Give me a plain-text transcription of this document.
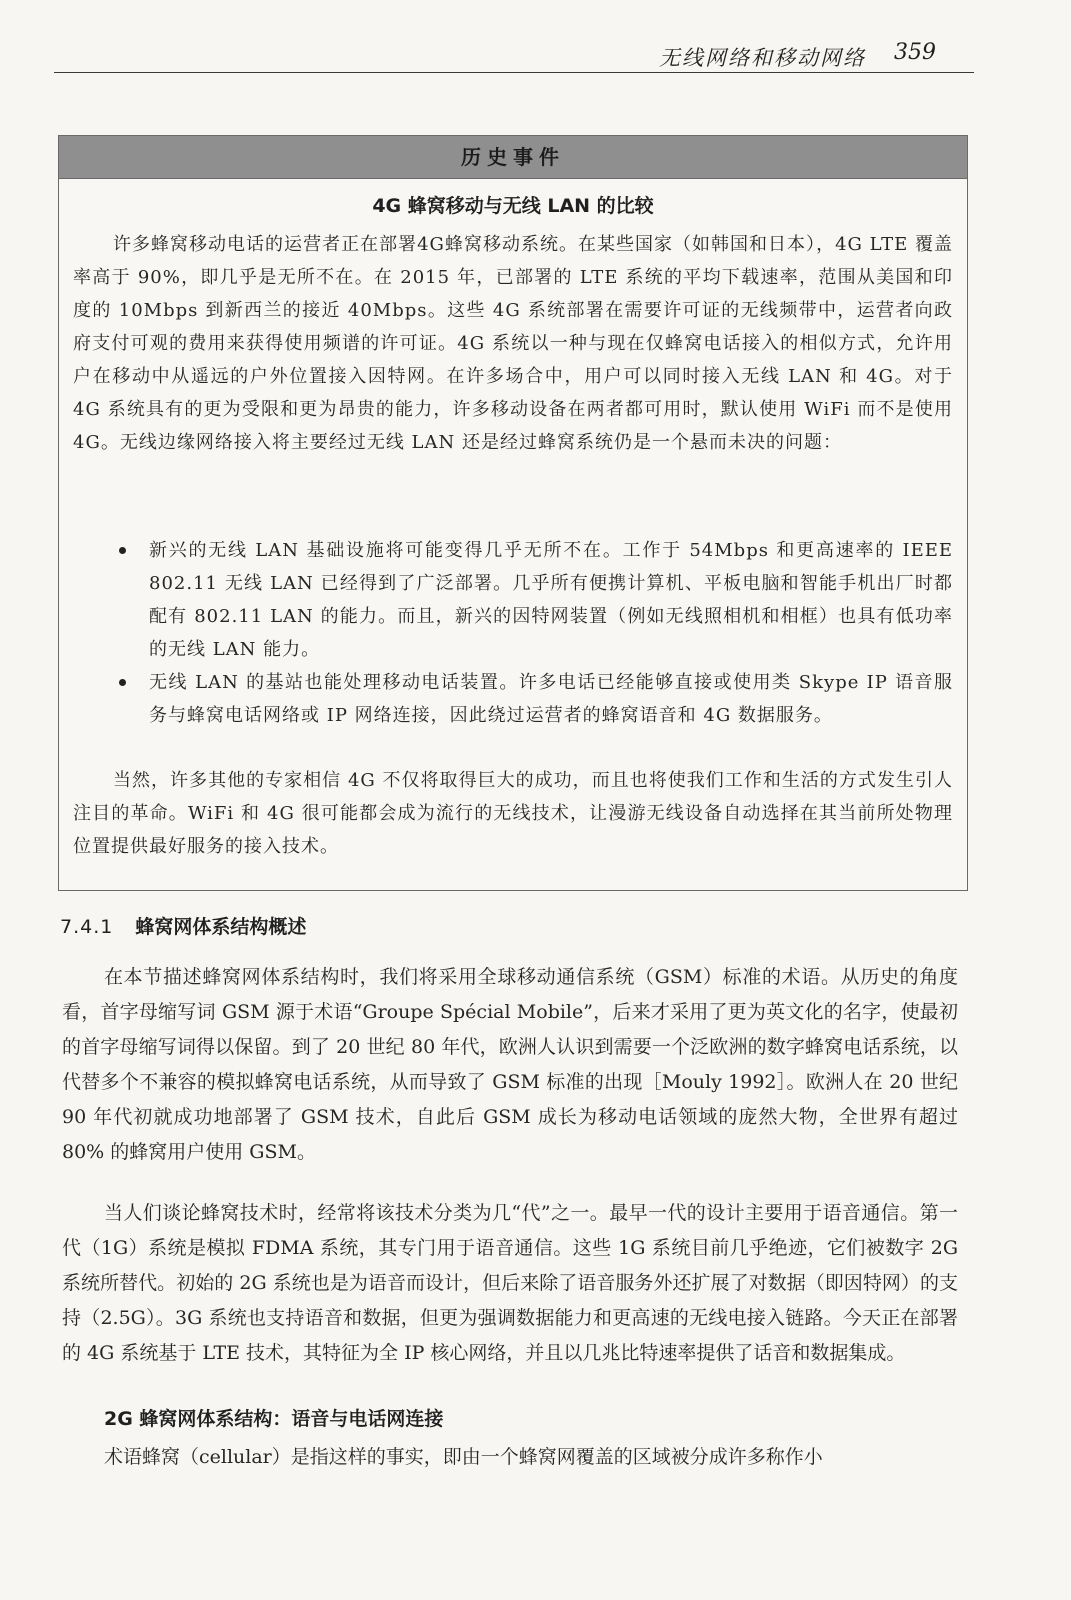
无线网络和移动网络 359
历史事件
4G 蜂窝移动与无线 LAN 的比较

许多蜂窝移动电话的运营者正在部署4G蜂窝移动系统。在某些国家（如韩国和日本），4G LTE 覆盖率高于 90%，即几乎是无所不在。在 2015 年，已部署的 LTE 系统的平均下载速率，范围从美国和印度的 10Mbps 到新西兰的接近 40Mbps。这些 4G 系统部署在需要许可证的无线频带中，运营者向政府支付可观的费用来获得使用频谱的许可证。4G 系统以一种与现在仅蜂窝电话接入的相似方式，允许用户在移动中从遥远的户外位置接入因特网。在许多场合中，用户可以同时接入无线 LAN 和 4G。对于 4G 系统具有的更为受限和更为昂贵的能力，许多移动设备在两者都可用时，默认使用 WiFi 而不是使用 4G。无线边缘网络接入将主要经过无线 LAN 还是经过蜂窝系统仍是一个悬而未决的问题：

新兴的无线 LAN 基础设施将可能变得几乎无所不在。工作于 54Mbps 和更高速率的 IEEE 802.11 无线 LAN 已经得到了广泛部署。几乎所有便携计算机、平板电脑和智能手机出厂时都配有 802.11 LAN 的能力。而且，新兴的因特网装置（例如无线照相机和相框）也具有低功率的无线 LAN 能力。
无线 LAN 的基站也能处理移动电话装置。许多电话已经能够直接或使用类 Skype IP 语音服务与蜂窝电话网络或 IP 网络连接，因此绕过运营者的蜂窝语音和 4G 数据服务。

当然，许多其他的专家相信 4G 不仅将取得巨大的成功，而且也将使我们工作和生活的方式发生引人注目的革命。WiFi 和 4G 很可能都会成为流行的无线技术，让漫游无线设备自动选择在其当前所处物理位置提供最好服务的接入技术。

7.4.1 蜂窝网体系结构概述

在本节描述蜂窝网体系结构时，我们将采用全球移动通信系统（GSM）标准的术语。从历史的角度看，首字母缩写词 GSM 源于术语“Groupe Spécial Mobile”，后来才采用了更为英文化的名字，使最初的首字母缩写词得以保留。到了 20 世纪 80 年代，欧洲人认识到需要一个泛欧洲的数字蜂窝电话系统，以代替多个不兼容的模拟蜂窝电话系统，从而导致了 GSM 标准的出现［Mouly 1992］。欧洲人在 20 世纪 90 年代初就成功地部署了 GSM 技术，自此后 GSM 成长为移动电话领域的庞然大物，全世界有超过 80% 的蜂窝用户使用 GSM。

当人们谈论蜂窝技术时，经常将该技术分类为几“代”之一。最早一代的设计主要用于语音通信。第一代（1G）系统是模拟 FDMA 系统，其专门用于语音通信。这些 1G 系统目前几乎绝迹，它们被数字 2G 系统所替代。初始的 2G 系统也是为语音而设计，但后来除了语音服务外还扩展了对数据（即因特网）的支持（2.5G）。3G 系统也支持语音和数据，但更为强调数据能力和更高速的无线电接入链路。今天正在部署的 4G 系统基于 LTE 技术，其特征为全 IP 核心网络，并且以几兆比特速率提供了话音和数据集成。

2G 蜂窝网体系结构：语音与电话网连接

术语蜂窝（cellular）是指这样的事实，即由一个蜂窝网覆盖的区域被分成许多称作小
